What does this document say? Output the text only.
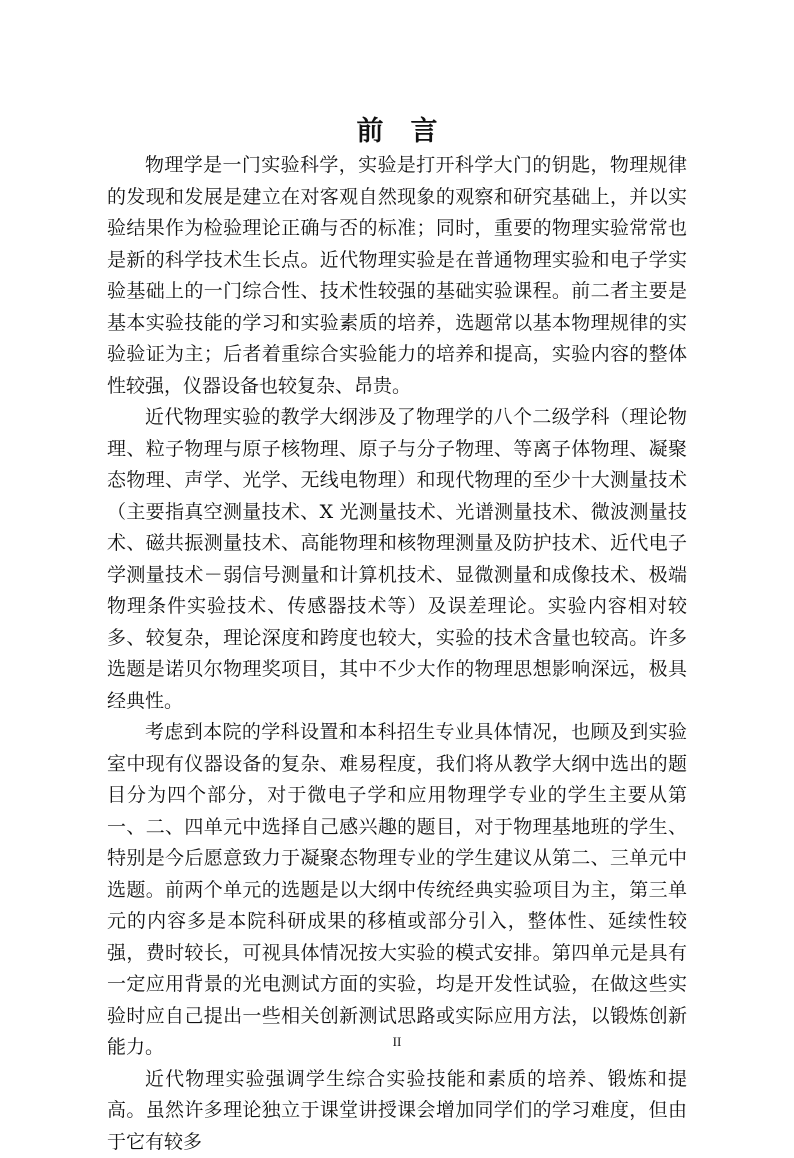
前 言

物理学是一门实验科学，实验是打开科学大门的钥匙，物理规律的发现和发展是建立在对客观自然现象的观察和研究基础上，并以实验结果作为检验理论正确与否的标准；同时，重要的物理实验常常也是新的科学技术生长点。近代物理实验是在普通物理实验和电子学实验基础上的一门综合性、技术性较强的基础实验课程。前二者主要是基本实验技能的学习和实验素质的培养，选题常以基本物理规律的实验验证为主；后者着重综合实验能力的培养和提高，实验内容的整体性较强，仪器设备也较复杂、昂贵。

近代物理实验的教学大纲涉及了物理学的八个二级学科（理论物理、粒子物理与原子核物理、原子与分子物理、等离子体物理、凝聚态物理、声学、光学、无线电物理）和现代物理的至少十大测量技术（主要指真空测量技术、X 光测量技术、光谱测量技术、微波测量技术、磁共振测量技术、高能物理和核物理测量及防护技术、近代电子学测量技术－弱信号测量和计算机技术、显微测量和成像技术、极端物理条件实验技术、传感器技术等）及误差理论。实验内容相对较多、较复杂，理论深度和跨度也较大，实验的技术含量也较高。许多选题是诺贝尔物理奖项目，其中不少大作的物理思想影响深远，极具经典性。

考虑到本院的学科设置和本科招生专业具体情况，也顾及到实验室中现有仪器设备的复杂、难易程度，我们将从教学大纲中选出的题目分为四个部分，对于微电子学和应用物理学专业的学生主要从第一、二、四单元中选择自己感兴趣的题目，对于物理基地班的学生、特别是今后愿意致力于凝聚态物理专业的学生建议从第二、三单元中选题。前两个单元的选题是以大纲中传统经典实验项目为主，第三单元的内容多是本院科研成果的移植或部分引入，整体性、延续性较强，费时较长，可视具体情况按大实验的模式安排。第四单元是具有一定应用背景的光电测试方面的实验，均是开发性试验，在做这些实验时应自己提出一些相关创新测试思路或实际应用方法，以锻炼创新能力。

近代物理实验强调学生综合实验技能和素质的培养、锻炼和提高。虽然许多理论独立于课堂讲授课会增加同学们的学习难度，但由于它有较多

II
